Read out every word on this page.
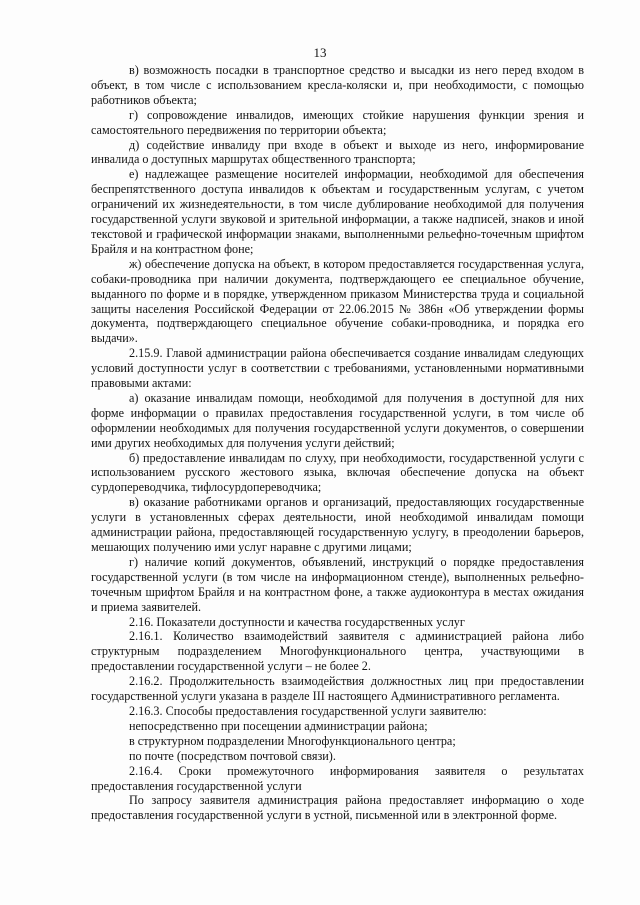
13

в) возможность посадки в транспортное средство и высадки из него перед входом в объект, в том числе с использованием кресла-коляски и, при необходимости, с помощью работников объекта;

г) сопровождение инвалидов, имеющих стойкие нарушения функции зрения и самостоятельного передвижения по территории объекта;

д) содействие инвалиду при входе в объект и выходе из него, информирование инвалида о доступных маршрутах общественного транспорта;

е) надлежащее размещение носителей информации, необходимой для обеспечения беспрепятственного доступа инвалидов к объектам и государственным услугам, с учетом ограничений их жизнедеятельности, в том числе дублирование необходимой для получения государственной услуги звуковой и зрительной информации, а также надписей, знаков и иной текстовой и графической информации знаками, выполненными рельефно-точечным шрифтом Брайля и на контрастном фоне;

ж) обеспечение допуска на объект, в котором предоставляется государственная услуга, собаки-проводника при наличии документа, подтверждающего ее специальное обучение, выданного по форме и в порядке, утвержденном приказом Министерства труда и социальной защиты населения Российской Федерации от 22.06.2015 № 386н «Об утверждении формы документа, подтверждающего специальное обучение собаки-проводника, и порядка его выдачи».

2.15.9. Главой администрации района обеспечивается создание инвалидам следующих условий доступности услуг в соответствии с требованиями, установленными нормативными правовыми актами:

а) оказание инвалидам помощи, необходимой для получения в доступной для них форме информации о правилах предоставления государственной услуги, в том числе об оформлении необходимых для получения государственной услуги документов, о совершении ими других необходимых для получения услуги действий;

б) предоставление инвалидам по слуху, при необходимости, государственной услуги с использованием русского жестового языка, включая обеспечение допуска на объект сурдопереводчика, тифлосурдопереводчика;

в) оказание работниками органов и организаций, предоставляющих государственные услуги в установленных сферах деятельности, иной необходимой инвалидам помощи администрации района, предоставляющей государственную услугу, в преодолении барьеров, мешающих получению ими услуг наравне с другими лицами;

г) наличие копий документов, объявлений, инструкций о порядке предоставления государственной услуги (в том числе на информационном стенде), выполненных рельефно-точечным шрифтом Брайля и на контрастном фоне, а также аудиоконтура в местах ожидания и приема заявителей.

2.16. Показатели доступности и качества государственных услуг

2.16.1. Количество взаимодействий заявителя с администрацией района либо структурным подразделением Многофункционального центра, участвующими в предоставлении государственной услуги – не более 2.

2.16.2. Продолжительность взаимодействия должностных лиц при предоставлении государственной услуги указана в разделе III настоящего Административного регламента.

2.16.3. Способы предоставления государственной услуги заявителю:

непосредственно при посещении администрации района;

в структурном подразделении Многофункционального центра;

по почте (посредством почтовой связи).

2.16.4. Сроки промежуточного информирования заявителя о результатах предоставления государственной услуги

По запросу заявителя администрация района предоставляет информацию о ходе предоставления государственной услуги в устной, письменной или в электронной форме.
